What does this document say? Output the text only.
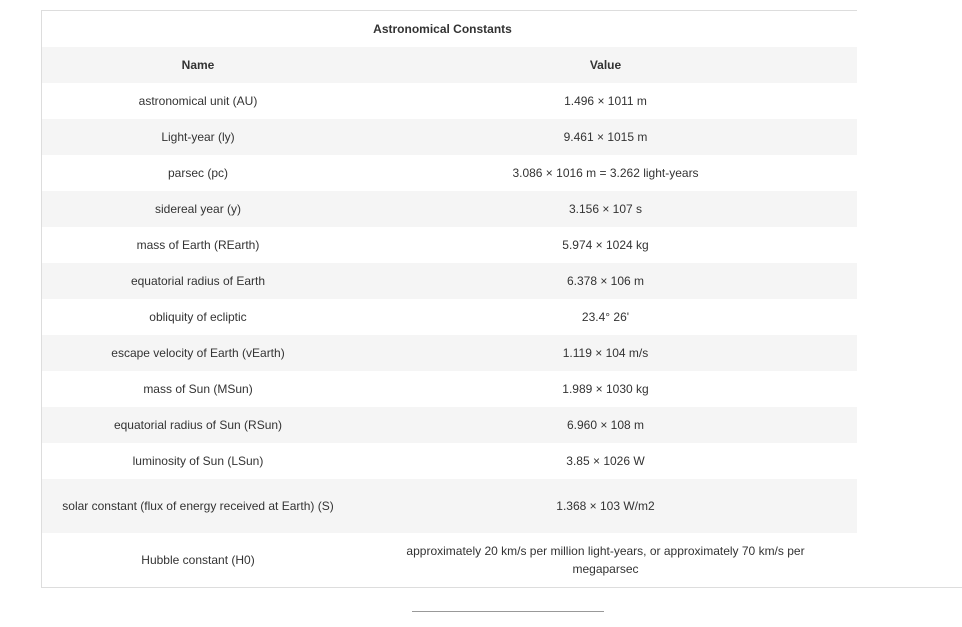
Astronomical Constants
Name	Value
astronomical unit (AU)	1.496 × 1011 m
Light-year (ly)	9.461 × 1015 m
parsec (pc)	3.086 × 1016 m = 3.262 light-years
sidereal year (y)	3.156 × 107 s
mass of Earth (REarth)	5.974 × 1024 kg
equatorial radius of Earth	6.378 × 106 m
obliquity of ecliptic	23.4° 26'
escape velocity of Earth (vEarth)	1.119 × 104 m/s
mass of Sun (MSun)	1.989 × 1030 kg
equatorial radius of Sun (RSun)	6.960 × 108 m
luminosity of Sun (LSun)	3.85 × 1026 W
solar constant (flux of energy received at Earth) (S)	1.368 × 103 W/m2
Hubble constant (H0)	approximately 20 km/s per million light-years, or approximately 70 km/s per megaparsec
